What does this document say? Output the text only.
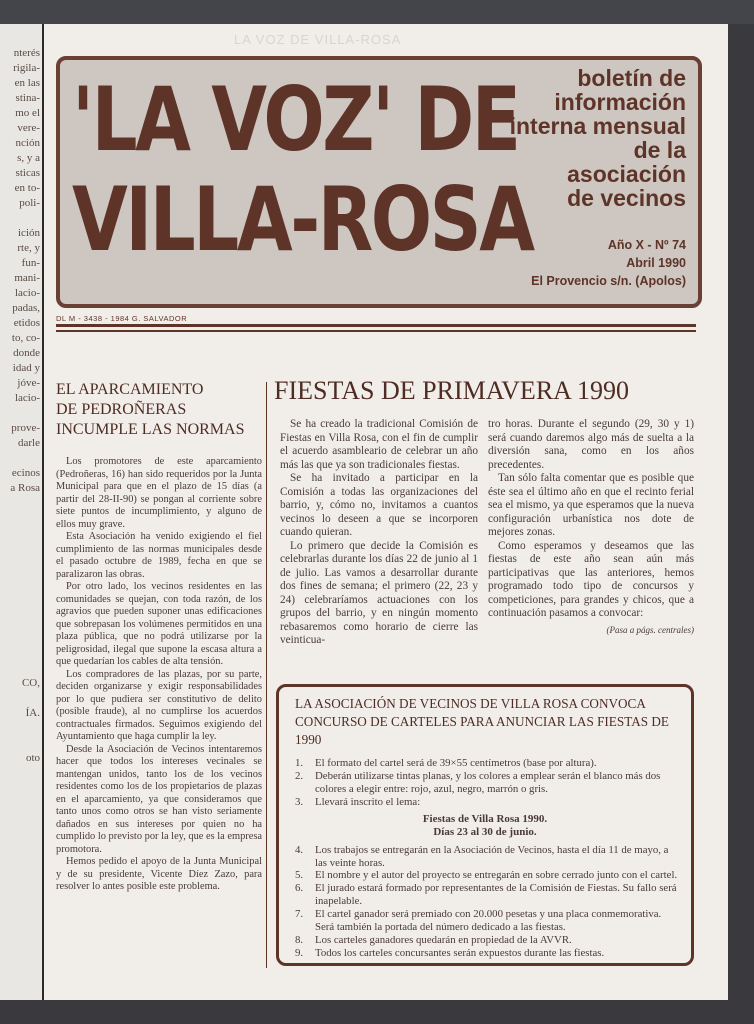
nterés
rigila-
en las
stina-
mo el
vere-
nción
s, y a
sticas
en to-
poli-

ición
rte, y
fun-
mani-
lacio-
padas,
etidos
to, co-
donde
idad y
jóve-
lacio-

prove-
darle

ecinos
a Rosa

CO,

ÍA.

oto
LA VOZ DE VILLA-ROSA
'LA VOZ' DE
VILLA-ROSA
boletín de
información
interna mensual
de la
asociación
de vecinos
Año X - Nº 74
Abril 1990
El Provencio s/n. (Apolos)
DL M - 3438 - 1984 G. SALVADOR
EL APARCAMIENTO
DE PEDROÑERAS
INCUMPLE LAS NORMAS

Los promotores de este aparcamiento (Pedroñeras, 16) han sido requeridos por la Junta Municipal para que en el plazo de 15 días (a partir del 28-II-90) se pongan al corriente sobre siete puntos de incumplimiento, y alguno de ellos muy grave.

Esta Asociación ha venido exigiendo el fiel cumplimiento de las normas municipales desde el pasado octubre de 1989, fecha en que se paralizaron las obras.

Por otro lado, los vecinos residentes en las comunidades se quejan, con toda razón, de los agravios que pueden suponer unas edificaciones que sobrepasan los volúmenes permitidos en una plaza pública, que no podrá utilizarse por la peligrosidad, ilegal que supone la escasa altura a que quedarían los cables de alta tensión.

Los compradores de las plazas, por su parte, deciden organizarse y exigir responsabilidades por lo que pudiera ser constitutivo de delito (posible fraude), al no cumplirse los acuerdos contractuales firmados. Seguimos exigiendo del Ayuntamiento que haga cumplir la ley.

Desde la Asociación de Vecinos intentaremos hacer que todos los intereses vecinales se mantengan unidos, tanto los de los vecinos residentes como los de los propietarios de plazas en el aparcamiento, ya que consideramos que tanto unos como otros se han visto seriamente dañados en sus intereses por quien no ha cumplido lo previsto por la ley, que es la empresa promotora.

Hemos pedido el apoyo de la Junta Municipal y de su presidente, Vicente Díez Zazo, para resolver lo antes posible este problema.

FIESTAS DE PRIMAVERA 1990

Se ha creado la tradicional Comisión de Fiestas en Villa Rosa, con el fin de cumplir el acuerdo asambleario de celebrar un año más las que ya son tradicionales fiestas.

Se ha invitado a participar en la Comisión a todas las organizaciones del barrio, y, cómo no, invitamos a cuantos vecinos lo deseen a que se incorporen cuando quieran.

Lo primero que decide la Comisión es celebrarlas durante los días 22 de junio al 1 de julio. Las vamos a desarrollar durante dos fines de semana; el primero (22, 23 y 24) celebraríamos actuaciones con los grupos del barrio, y en ningún momento rebasaremos como horario de cierre las veinticua-

tro horas. Durante el segundo (29, 30 y 1) será cuando daremos algo más de suelta a la diversión sana, como en los años precedentes.

Tan sólo falta comentar que es posible que éste sea el último año en que el recinto ferial sea el mismo, ya que esperamos que la nueva configuración urbanística nos dote de mejores zonas.

Como esperamos y deseamos que las fiestas de este año sean aún más participativas que las anteriores, hemos programado todo tipo de concursos y competiciones, para grandes y chicos, que a continuación pasamos a convocar:

(Pasa a págs. centrales)
LA ASOCIACIÓN DE VECINOS DE VILLA ROSA CONVOCA
CONCURSO DE CARTELES PARA ANUNCIAR LAS FIESTAS DE 1990
1.	El formato del cartel será de 39×55 centímetros (base por altura).
2.	Deberán utilizarse tintas planas, y los colores a emplear serán el blanco más dos colores a elegir entre: rojo, azul, negro, marrón o gris.
3.	Llevará inscrito el lema:
Fiestas de Villa Rosa 1990.
Días 23 al 30 de junio.
4.	Los trabajos se entregarán en la Asociación de Vecinos, hasta el día 11 de mayo, a las veinte horas.
5.	El nombre y el autor del proyecto se entregarán en sobre cerrado junto con el cartel.
6.	El jurado estará formado por representantes de la Comisión de Fiestas. Su fallo será inapelable.
7.	El cartel ganador será premiado con 20.000 pesetas y una placa conmemorativa. Será también la portada del número dedicado a las fiestas.
8.	Los carteles ganadores quedarán en propiedad de la AVVR.
9.	Todos los carteles concursantes serán expuestos durante las fiestas.
